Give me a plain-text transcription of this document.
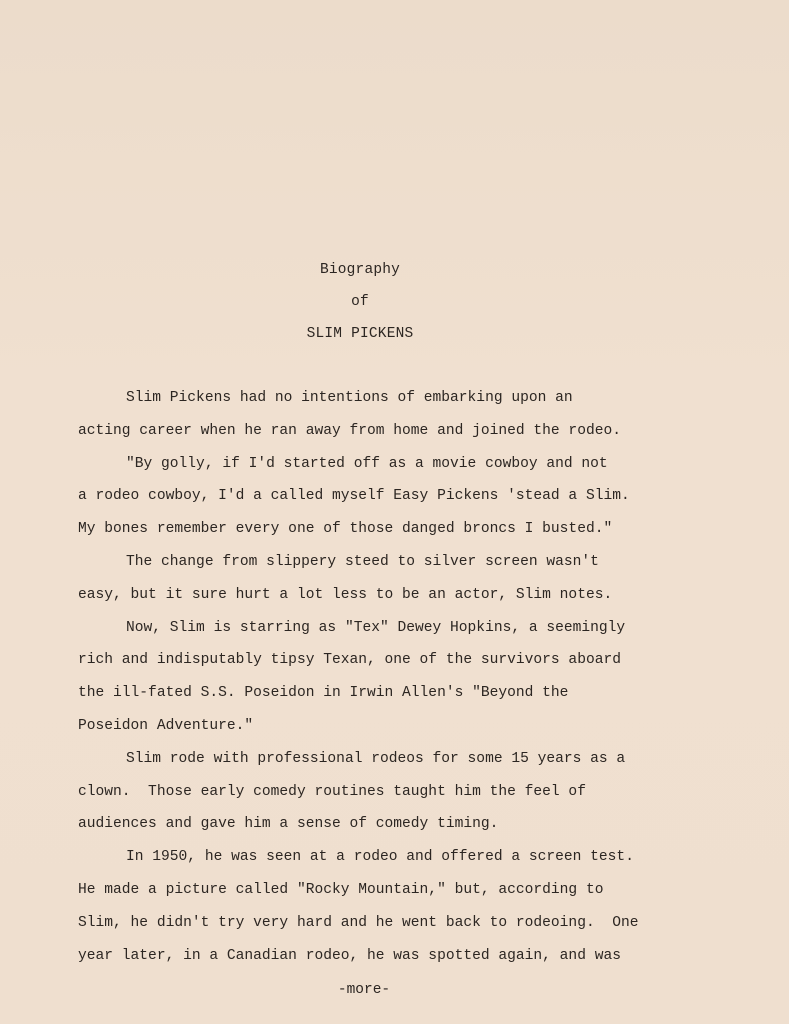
Biography
of
SLIM PICKENS

Slim Pickens had no intentions of embarking upon an
acting career when he ran away from home and joined the rodeo.

"By golly, if I'd started off as a movie cowboy and not
a rodeo cowboy, I'd a called myself Easy Pickens 'stead a Slim.
My bones remember every one of those danged broncs I busted."

The change from slippery steed to silver screen wasn't
easy, but it sure hurt a lot less to be an actor, Slim notes.

Now, Slim is starring as "Tex" Dewey Hopkins, a seemingly
rich and indisputably tipsy Texan, one of the survivors aboard
the ill-fated S.S. Poseidon in Irwin Allen's "Beyond the
Poseidon Adventure."

Slim rode with professional rodeos for some 15 years as a
clown.  Those early comedy routines taught him the feel of
audiences and gave him a sense of comedy timing.

In 1950, he was seen at a rodeo and offered a screen test.
He made a picture called "Rocky Mountain," but, according to
Slim, he didn't try very hard and he went back to rodeoing.  One
year later, in a Canadian rodeo, he was spotted again, and was

-more-
